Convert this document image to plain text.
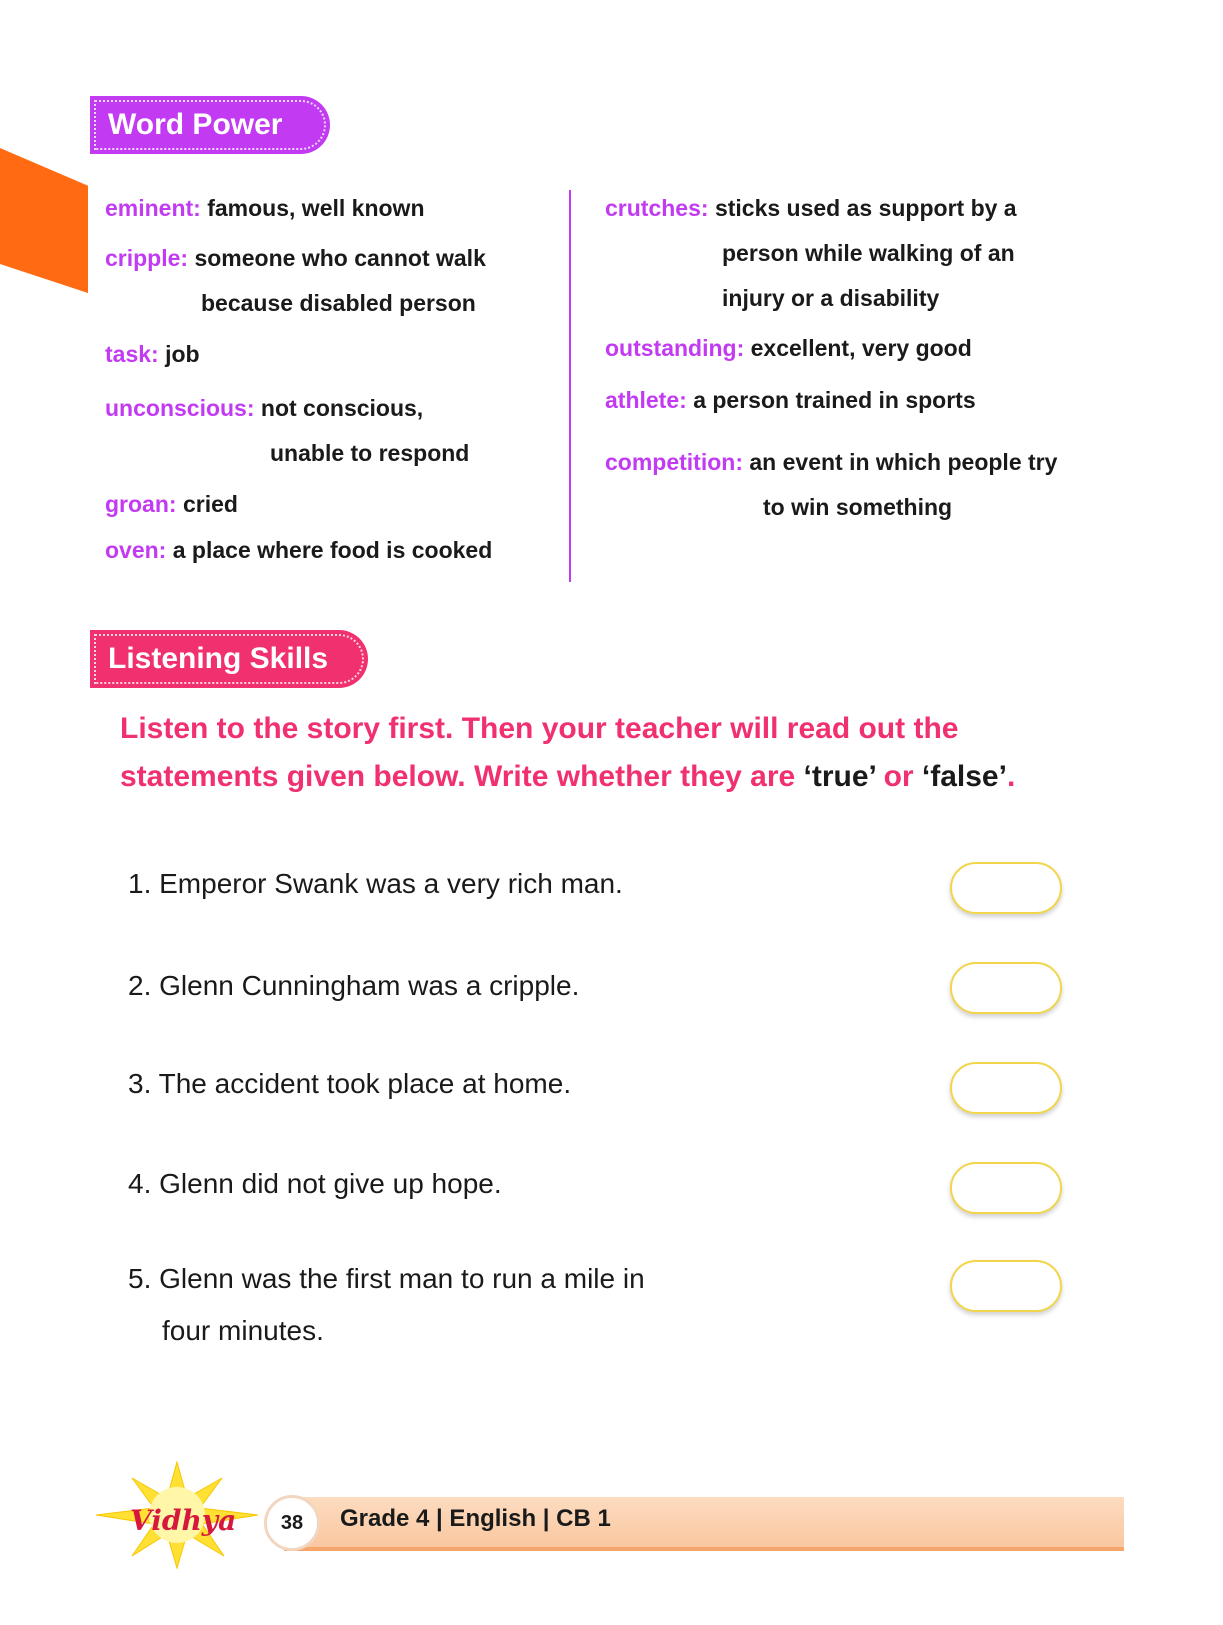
Word Power
eminent: famous, well known
cripple: someone who cannot walk
because disabled person
task: job
unconscious: not conscious,
unable to respond
groan: cried
oven: a place where food is cooked
crutches: sticks used as support by a
person while walking of an
injury or a disability
outstanding: excellent, very good
athlete: a person trained in sports
competition: an event in which people try
to win something
Listening Skills
Listen to the story first. Then your teacher will read out the
statements given below. Write whether they are ‘true’ or ‘false’.
1. Emperor Swank was a very rich man.
2. Glenn Cunningham was a cripple.
3. The accident took place at home.
4. Glenn did not give up hope.
5. Glenn was the first man to run a mile in
four minutes.
Vidhya	38	Grade 4 | English | CB 1
